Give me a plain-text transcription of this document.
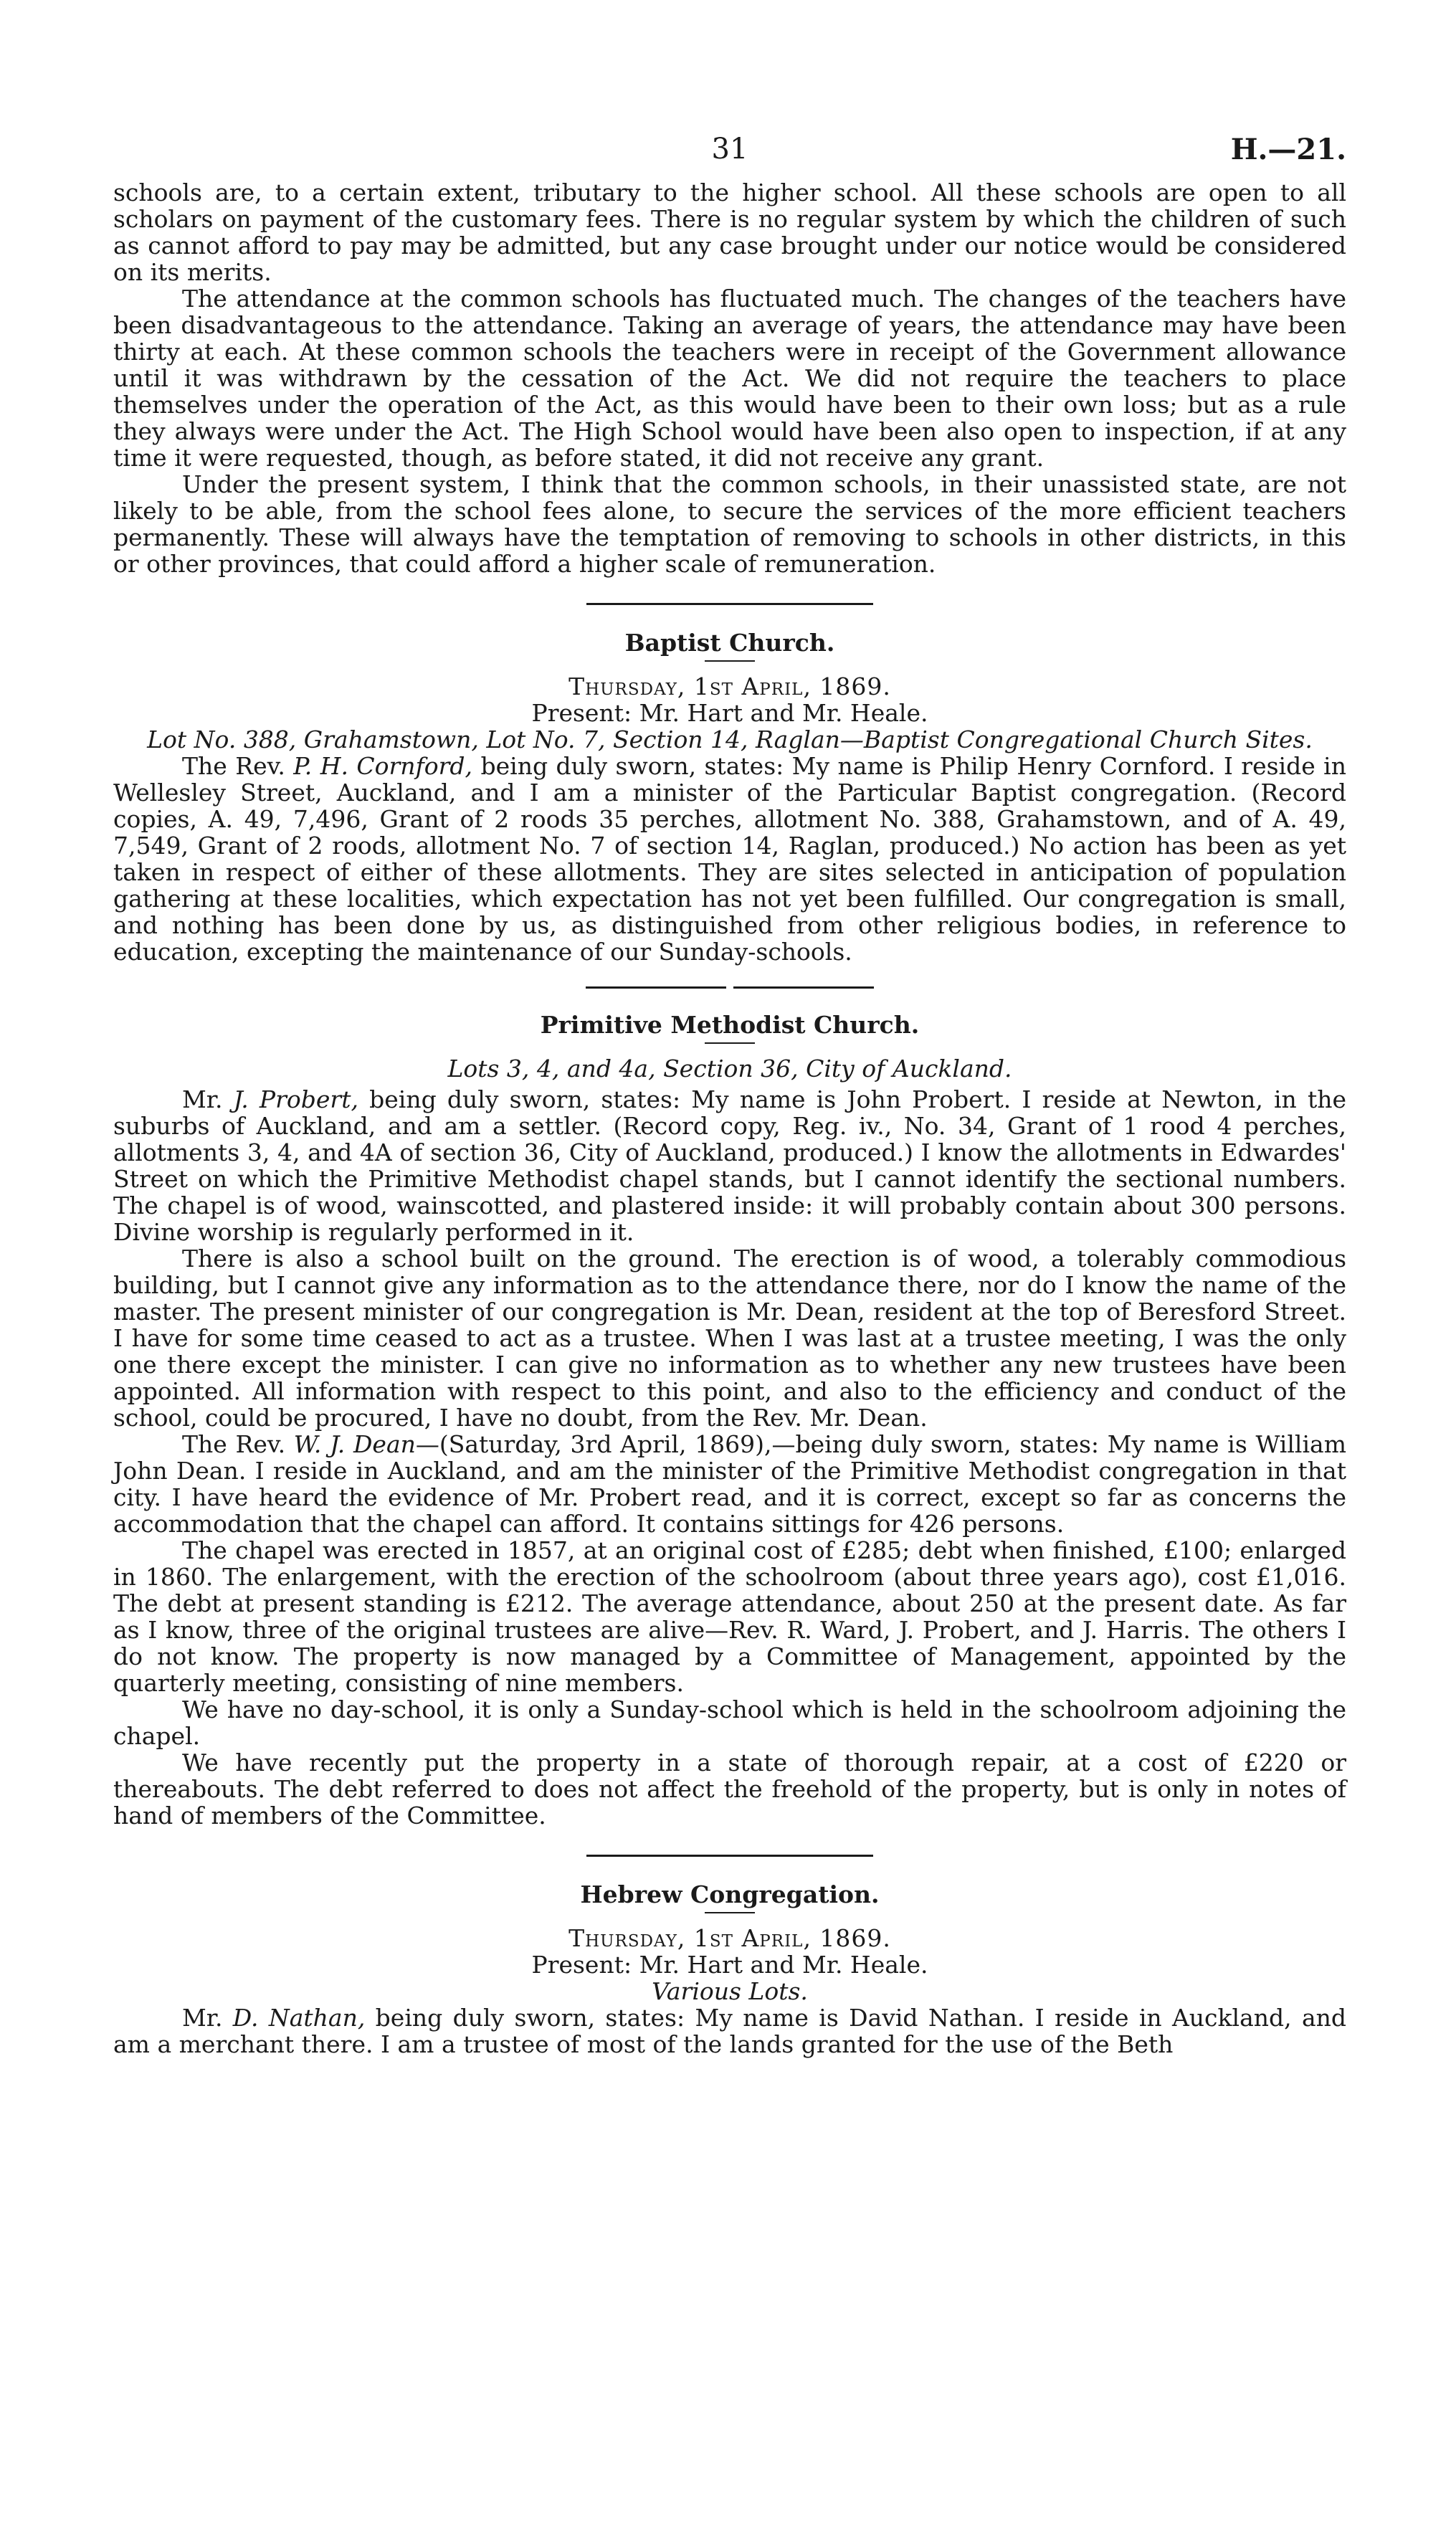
31	H.—21.

schools are, to a certain extent, tributary to the higher school. All these schools are open to all scholars on payment of the customary fees. There is no regular system by which the children of such as cannot afford to pay may be admitted, but any case brought under our notice would be considered on its merits.

The attendance at the common schools has fluctuated much. The changes of the teachers have been disadvantageous to the attendance. Taking an average of years, the attendance may have been thirty at each. At these common schools the teachers were in receipt of the Government allowance until it was withdrawn by the cessation of the Act. We did not require the teachers to place themselves under the operation of the Act, as this would have been to their own loss; but as a rule they always were under the Act. The High School would have been also open to inspection, if at any time it were requested, though, as before stated, it did not receive any grant.

Under the present system, I think that the common schools, in their unassisted state, are not likely to be able, from the school fees alone, to secure the services of the more efficient teachers permanently. These will always have the temptation of removing to schools in other districts, in this or other provinces, that could afford a higher scale of remuneration.

Baptist Church.
Thursday, 1st April, 1869.
Present: Mr. Hart and Mr. Heale.
Lot No. 388, Grahamstown, Lot No. 7, Section 14, Raglan—Baptist Congregational Church Sites.

The Rev. P. H. Cornford, being duly sworn, states: My name is Philip Henry Cornford. I reside in Wellesley Street, Auckland, and I am a minister of the Particular Baptist congregation. (Record copies, A. 49, 7,496, Grant of 2 roods 35 perches, allotment No. 388, Grahamstown, and of A. 49, 7,549, Grant of 2 roods, allotment No. 7 of section 14, Raglan, produced.) No action has been as yet taken in respect of either of these allotments. They are sites selected in anticipation of population gathering at these localities, which expectation has not yet been fulfilled. Our congregation is small, and nothing has been done by us, as distinguished from other religious bodies, in reference to education, excepting the maintenance of our Sunday-schools.

Primitive Methodist Church.
Lots 3, 4, and 4a, Section 36, City of Auckland.

Mr. J. Probert, being duly sworn, states: My name is John Probert. I reside at Newton, in the suburbs of Auckland, and am a settler. (Record copy, Reg. iv., No. 34, Grant of 1 rood 4 perches, allotments 3, 4, and 4A of section 36, City of Auckland, produced.) I know the allotments in Edwardes' Street on which the Primitive Methodist chapel stands, but I cannot identify the sectional numbers. The chapel is of wood, wainscotted, and plastered inside: it will probably contain about 300 persons. Divine worship is regularly performed in it.

There is also a school built on the ground. The erection is of wood, a tolerably commodious building, but I cannot give any information as to the attendance there, nor do I know the name of the master. The present minister of our congregation is Mr. Dean, resident at the top of Beresford Street. I have for some time ceased to act as a trustee. When I was last at a trustee meeting, I was the only one there except the minister. I can give no information as to whether any new trustees have been appointed. All information with respect to this point, and also to the efficiency and conduct of the school, could be procured, I have no doubt, from the Rev. Mr. Dean.

The Rev. W. J. Dean—(Saturday, 3rd April, 1869),—being duly sworn, states: My name is William John Dean. I reside in Auckland, and am the minister of the Primitive Methodist congregation in that city. I have heard the evidence of Mr. Probert read, and it is correct, except so far as concerns the accommodation that the chapel can afford. It contains sittings for 426 persons.

The chapel was erected in 1857, at an original cost of £285; debt when finished, £100; enlarged in 1860. The enlargement, with the erection of the schoolroom (about three years ago), cost £1,016. The debt at present standing is £212. The average attendance, about 250 at the present date. As far as I know, three of the original trustees are alive—Rev. R. Ward, J. Probert, and J. Harris. The others I do not know. The property is now managed by a Committee of Management, appointed by the quarterly meeting, consisting of nine members.

We have no day-school, it is only a Sunday-school which is held in the schoolroom adjoining the chapel.

We have recently put the property in a state of thorough repair, at a cost of £220 or thereabouts. The debt referred to does not affect the freehold of the property, but is only in notes of hand of members of the Committee.

Hebrew Congregation.
Thursday, 1st April, 1869.
Present: Mr. Hart and Mr. Heale.
Various Lots.

Mr. D. Nathan, being duly sworn, states: My name is David Nathan. I reside in Auckland, and am a merchant there. I am a trustee of most of the lands granted for the use of the Beth
